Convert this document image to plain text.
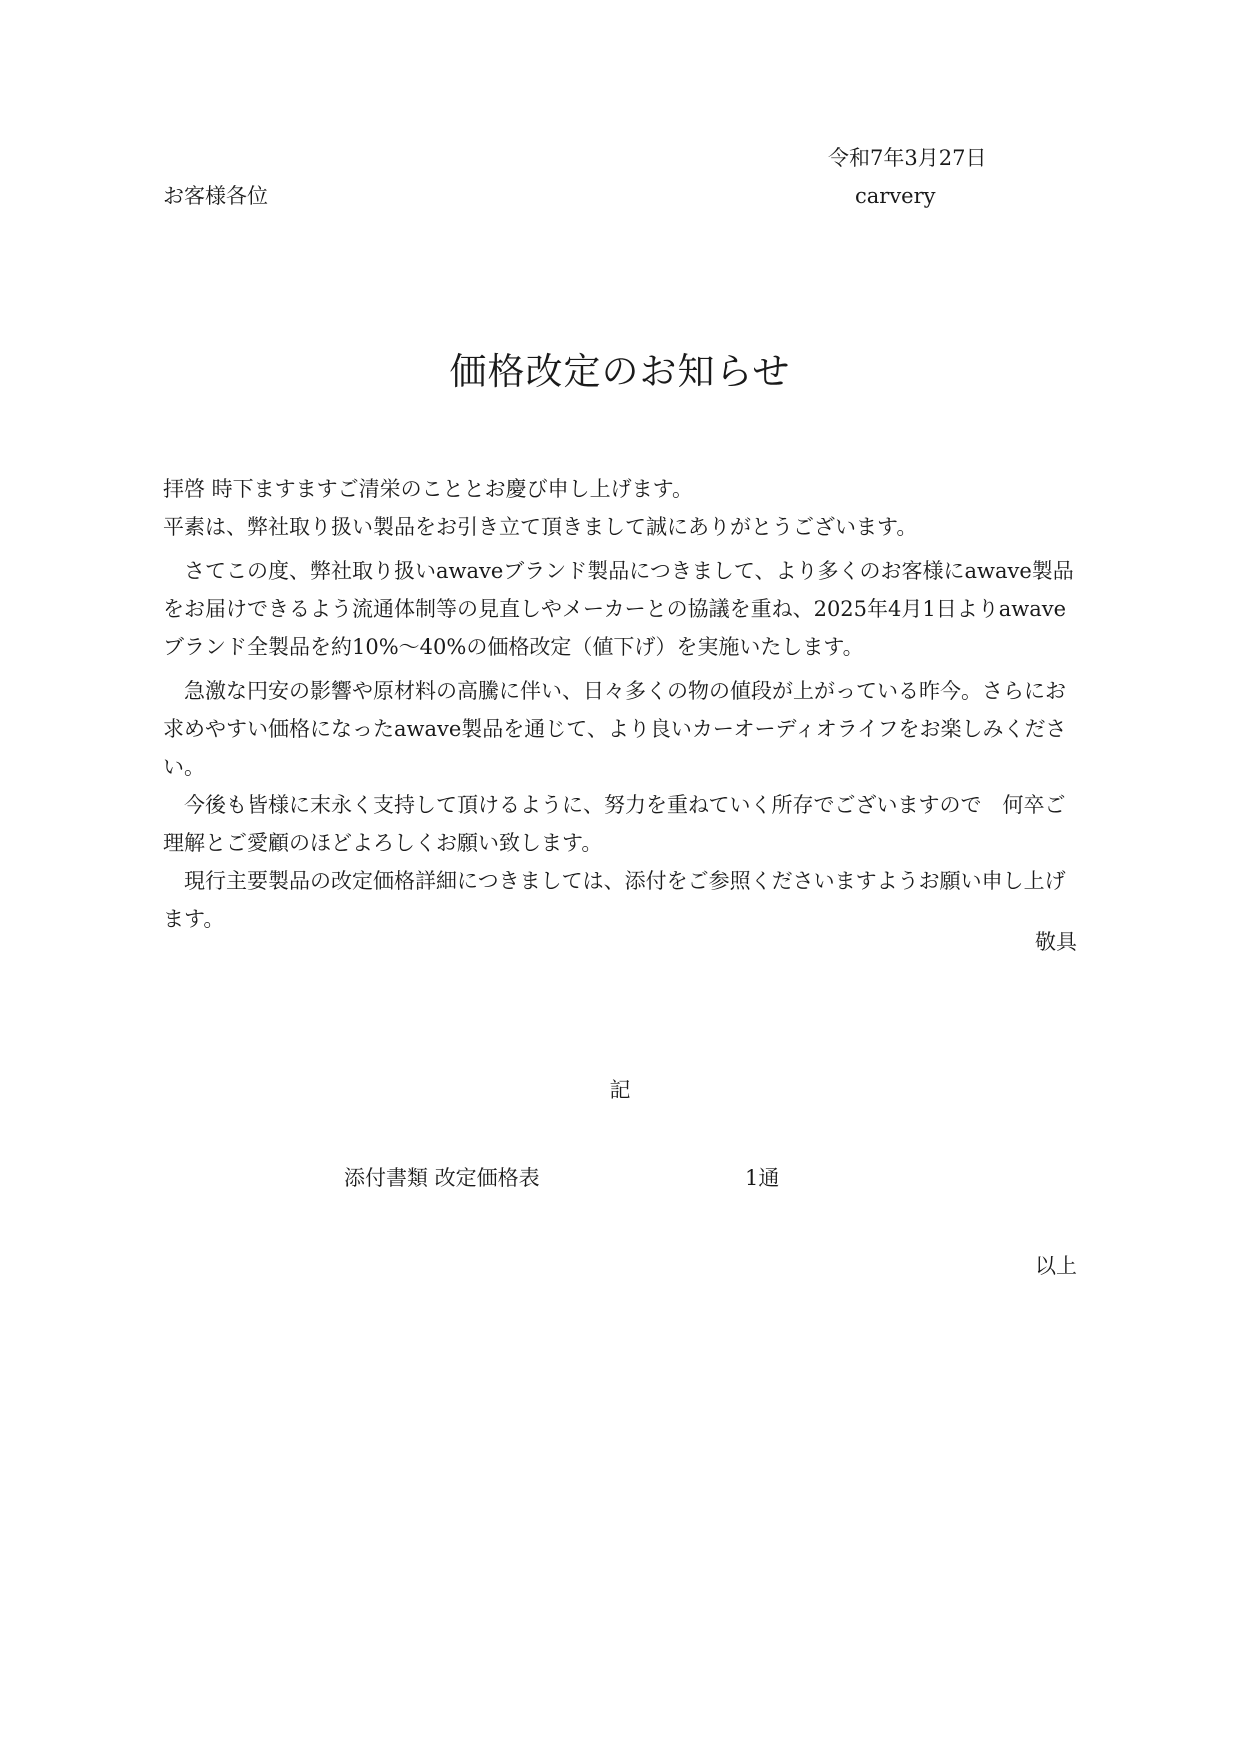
令和7年3月27日
お客様各位	carvery
価格改定のお知らせ

拝啓 時下ますますご清栄のこととお慶び申し上げます。

平素は、弊社取り扱い製品をお引き立て頂きまして誠にありがとうございます。

さてこの度、弊社取り扱いawaveブランド製品につきまして、より多くのお客様にawave製品をお届けできるよう流通体制等の見直しやメーカーとの協議を重ね、2025年4月1日よりawaveブランド全製品を約10%〜40%の価格改定（値下げ）を実施いたします。

急激な円安の影響や原材料の高騰に伴い、日々多くの物の値段が上がっている昨今。さらにお求めやすい価格になったawave製品を通じて、より良いカーオーディオライフをお楽しみください。

今後も皆様に末永く支持して頂けるように、努力を重ねていく所存でございますので　何卒ご理解とご愛顧のほどよろしくお願い致します。

現行主要製品の改定価格詳細につきましては、添付をご参照くださいますようお願い申し上げます。

敬具
記
添付書類 改定価格表	1通
以上
